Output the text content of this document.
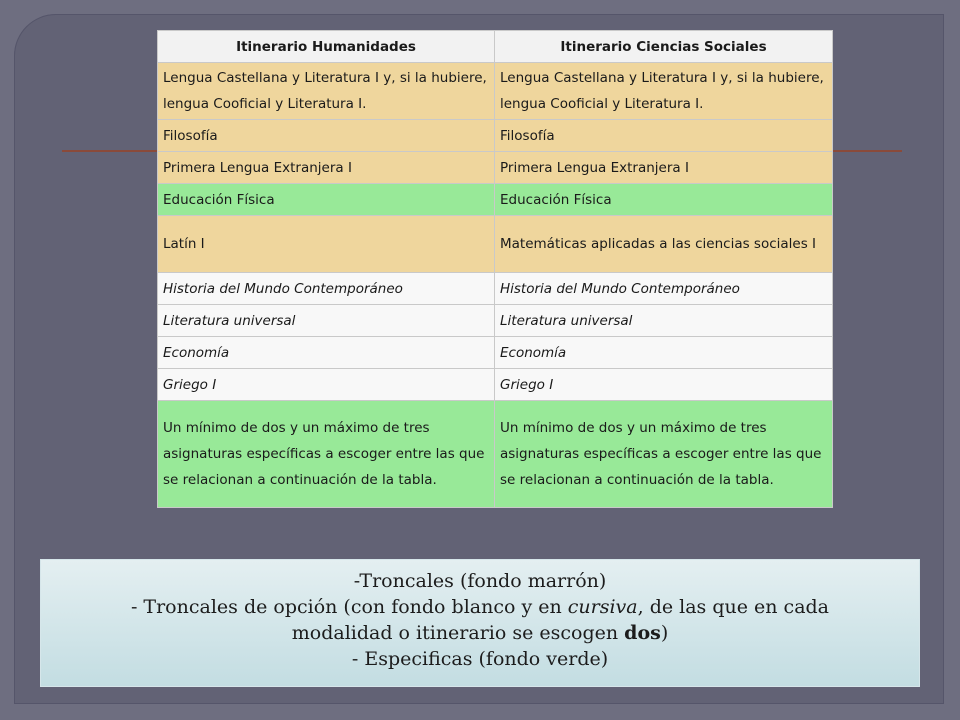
Itinerario Humanidades	Itinerario Ciencias Sociales
Lengua Castellana y Literatura I y, si la hubiere, lengua Cooficial y Literatura I.	Lengua Castellana y Literatura I y, si la hubiere, lengua Cooficial y Literatura I.
Filosofía	Filosofía
Primera Lengua Extranjera I	Primera Lengua Extranjera I
Educación Física	Educación Física
Latín I	Matemáticas aplicadas a las ciencias sociales I
Historia del Mundo Contemporáneo	Historia del Mundo Contemporáneo
Literatura universal	Literatura universal
Economía	Economía
Griego I	Griego I
Un mínimo de dos y un máximo de tres asignaturas específicas a escoger entre las que se relacionan a continuación de la tabla.	Un mínimo de dos y un máximo de tres asignaturas específicas a escoger entre las que se relacionan a continuación de la tabla.
-Troncales (fondo marrón)
- Troncales de opción (con fondo blanco y en cursiva, de las que en cada
modalidad o itinerario se escogen dos)
- Especificas (fondo verde)
